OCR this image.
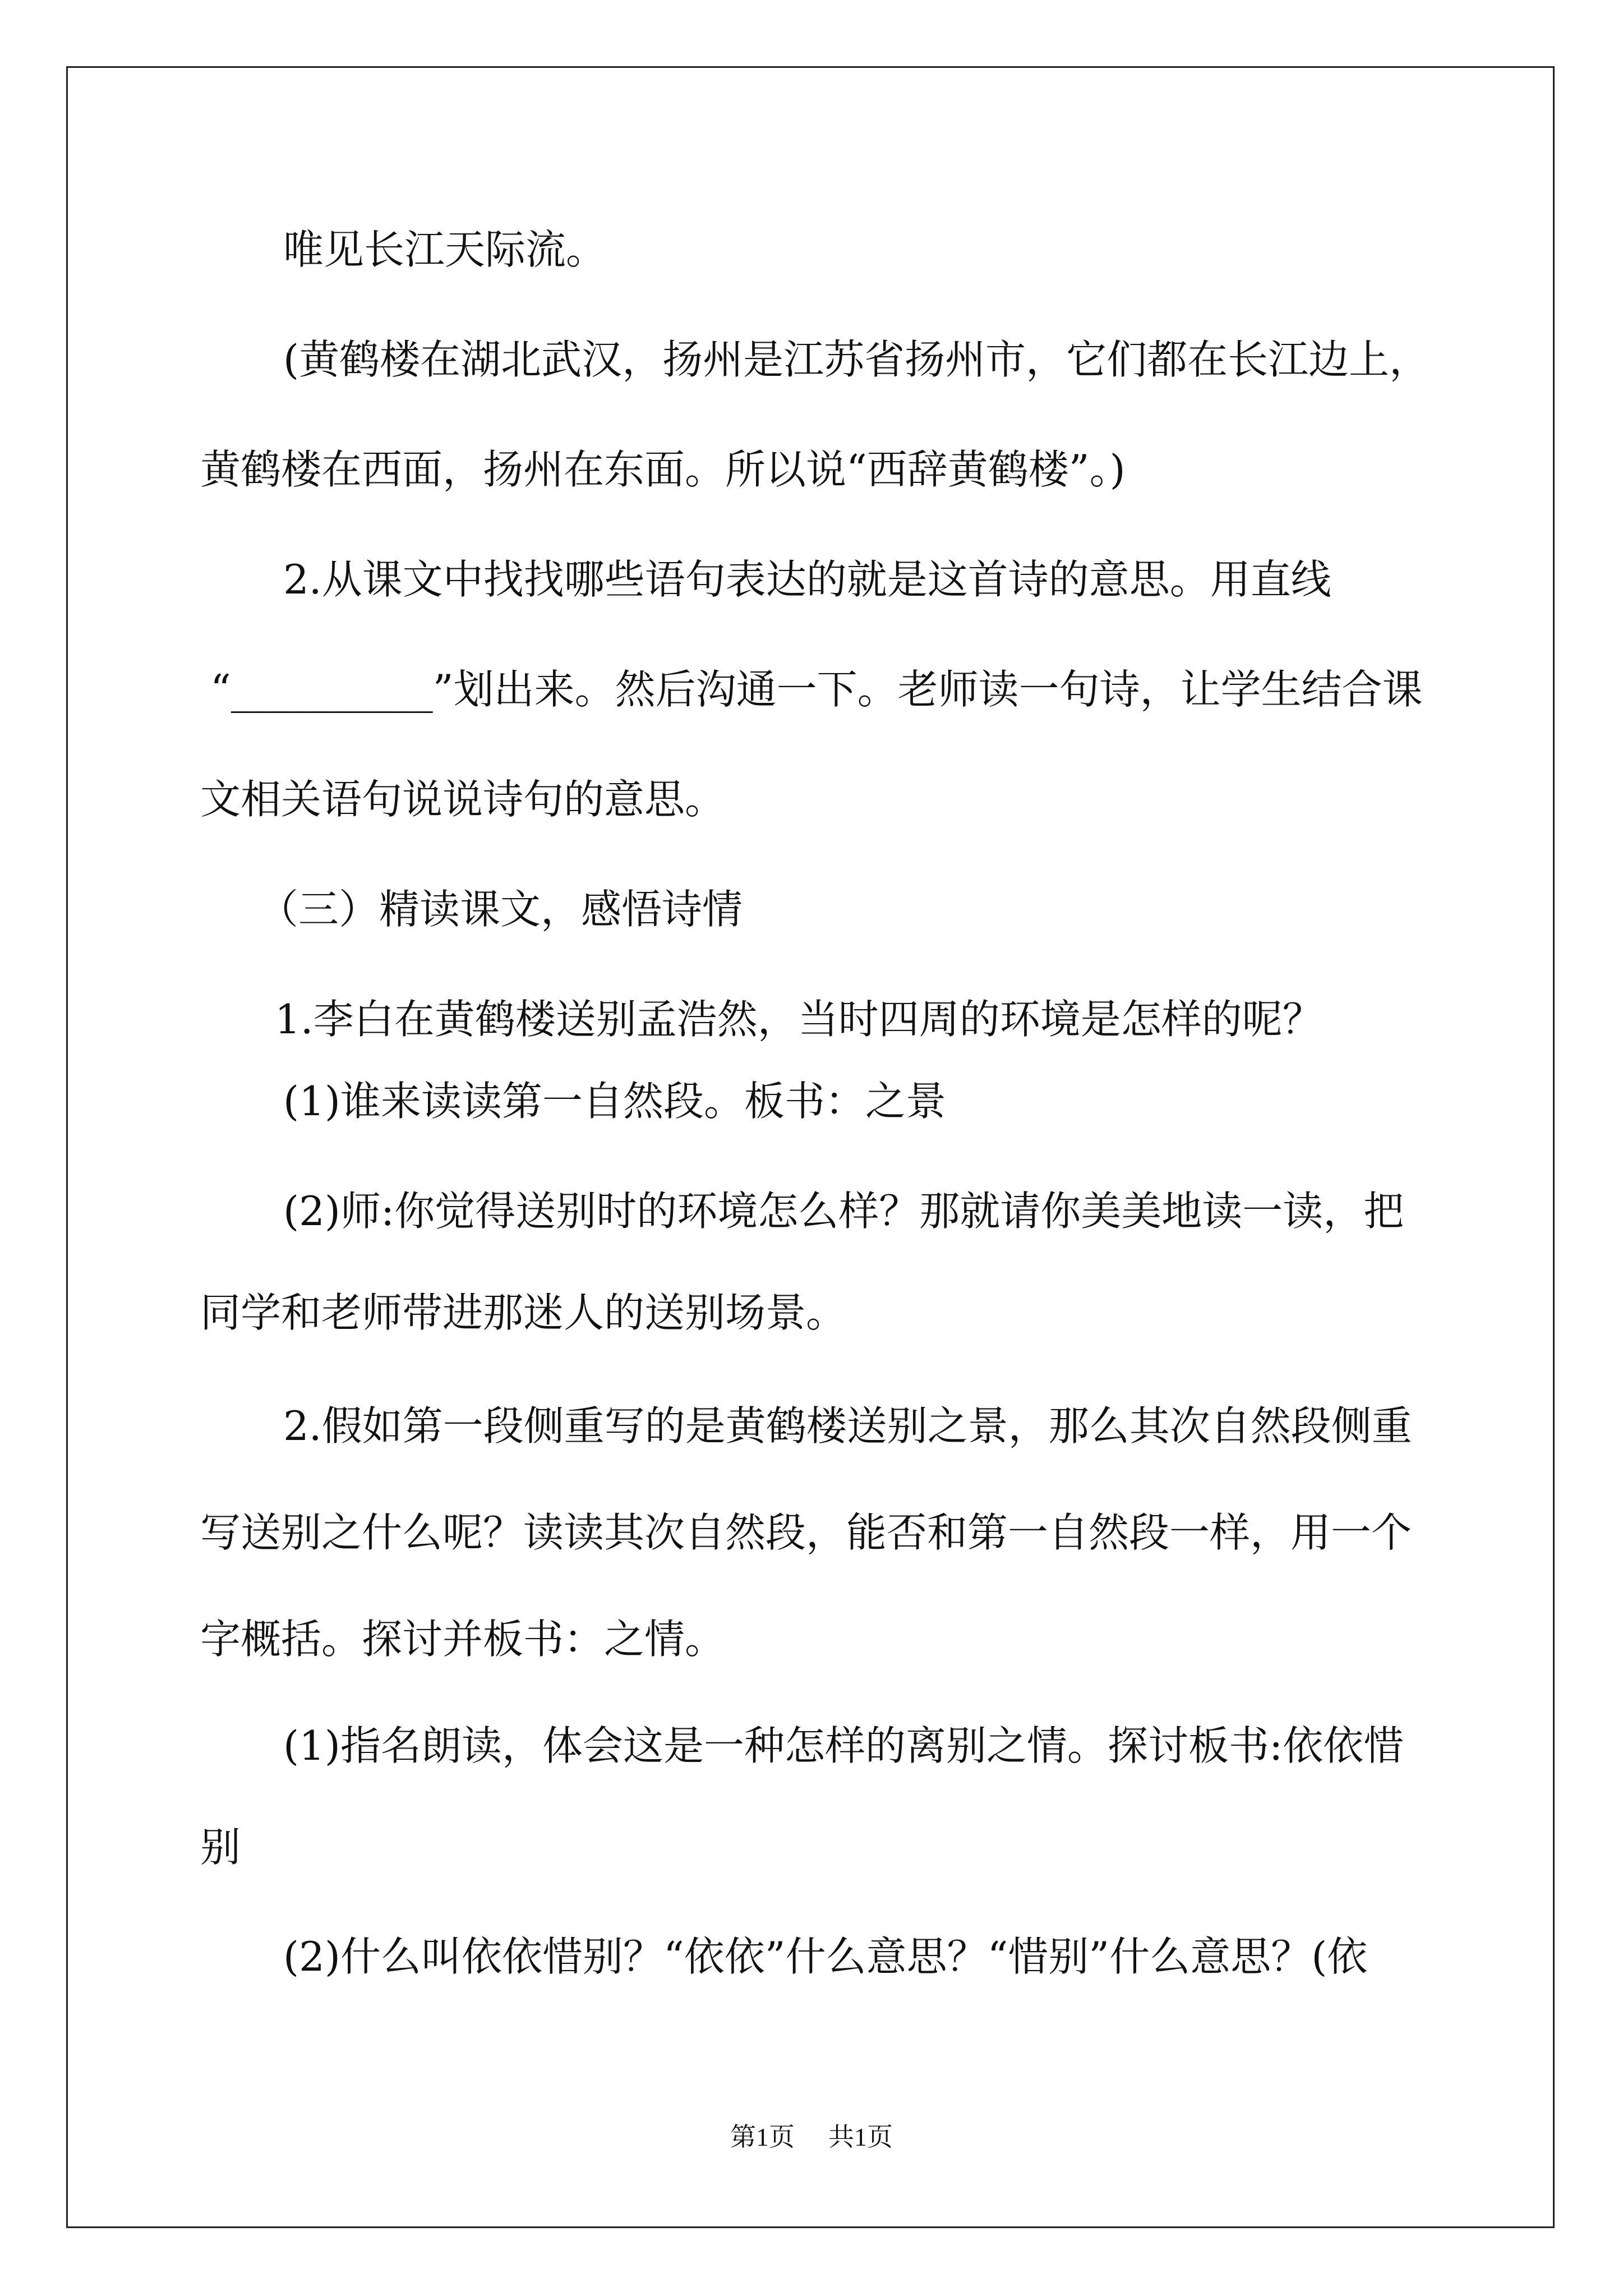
唯见长江天际流。
(黄鹤楼在湖北武汉，扬州是江苏省扬州市，它们都在长江边上，
黄鹤楼在西面，扬州在东面。所以说“西辞黄鹤楼”。)
2.从课文中找找哪些语句表达的就是这首诗的意思。用直线
“__________”划出来。然后沟通一下。老师读一句诗，让学生结合课
文相关语句说说诗句的意思。
（三）精读课文，感悟诗情
1.李白在黄鹤楼送别孟浩然，当时四周的环境是怎样的呢？
(1)谁来读读第一自然段。板书：之景
(2)师:你觉得送别时的环境怎么样？那就请你美美地读一读，把
同学和老师带进那迷人的送别场景。
2.假如第一段侧重写的是黄鹤楼送别之景，那么其次自然段侧重
写送别之什么呢？读读其次自然段，能否和第一自然段一样，用一个
字概括。探讨并板书：之情。
(1)指名朗读，体会这是一种怎样的离别之情。探讨板书:依依惜
别
(2)什么叫依依惜别？“依依”什么意思？“惜别”什么意思？(依
第1页 共1页
